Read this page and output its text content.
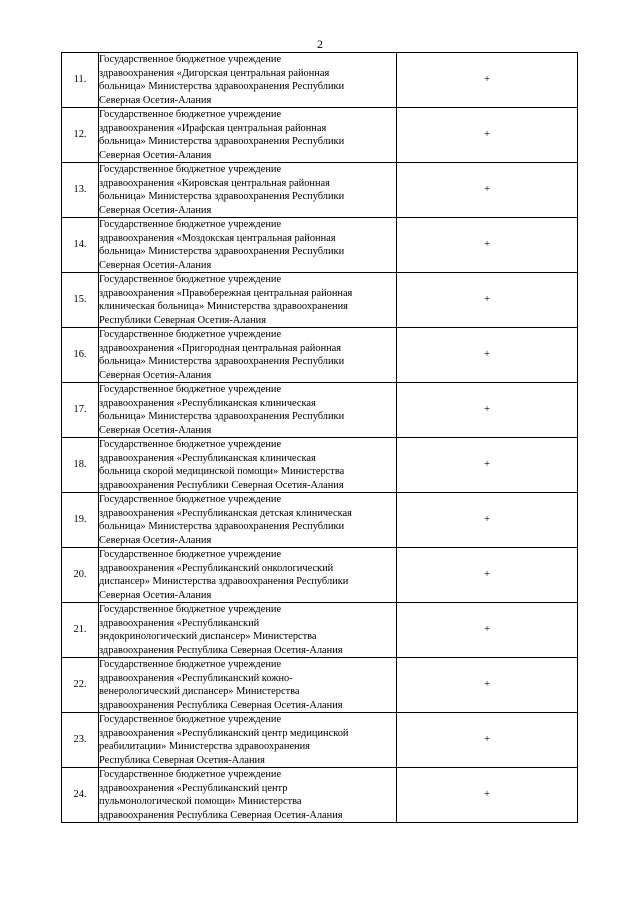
2
11.	Государственное бюджетное учреждение
здравоохранения «Дигорская центральная районная
больница» Министерства здравоохранения Республики
Северная Осетия-Алания	+
12.	Государственное бюджетное учреждение
здравоохранения «Ирафская центральная районная
больница» Министерства здравоохранения Республики
Северная Осетия-Алания	+
13.	Государственное бюджетное учреждение
здравоохранения «Кировская центральная районная
больница» Министерства здравоохранения Республики
Северная Осетия-Алания	+
14.	Государственное бюджетное учреждение
здравоохранения «Моздокская центральная районная
больница» Министерства здравоохранения Республики
Северная Осетия-Алания	+
15.	Государственное бюджетное учреждение
здравоохранения «Правобережная центральная районная
клиническая больница» Министерства здравоохранения
Республики Северная Осетия-Алания	+
16.	Государственное бюджетное учреждение
здравоохранения «Пригородная центральная районная
больница» Министерства здравоохранения Республики
Северная Осетия-Алания	+
17.	Государственное бюджетное учреждение
здравоохранения «Республиканская клиническая
больница» Министерства здравоохранения Республики
Северная Осетия-Алания	+
18.	Государственное бюджетное учреждение
здравоохранения «Республиканская клиническая
больница скорой медицинской помощи» Министерства
здравоохранения Республики Северная Осетия-Алания	+
19.	Государственное бюджетное учреждение
здравоохранения «Республиканская детская клиническая
больница» Министерства здравоохранения Республики
Северная Осетия-Алания	+
20.	Государственное бюджетное учреждение
здравоохранения «Республиканский онкологический
диспансер» Министерства здравоохранения Республики
Северная Осетия-Алания	+
21.	Государственное бюджетное учреждение
здравоохранения «Республиканский
эндокринологический диспансер» Министерства
здравоохранения Республика Северная Осетия-Алания	+
22.	Государственное бюджетное учреждение
здравоохранения «Республиканский кожно-
венерологический диспансер» Министерства
здравоохранения Республика Северная Осетия-Алания	+
23.	Государственное бюджетное учреждение
здравоохранения «Республиканский центр медицинской
реабилитации» Министерства здравоохранения
Республика Северная Осетия-Алания	+
24.	Государственное бюджетное учреждение
здравоохранения «Республиканский центр
пульмонологической помощи» Министерства
здравоохранения Республика Северная Осетия-Алания	+
